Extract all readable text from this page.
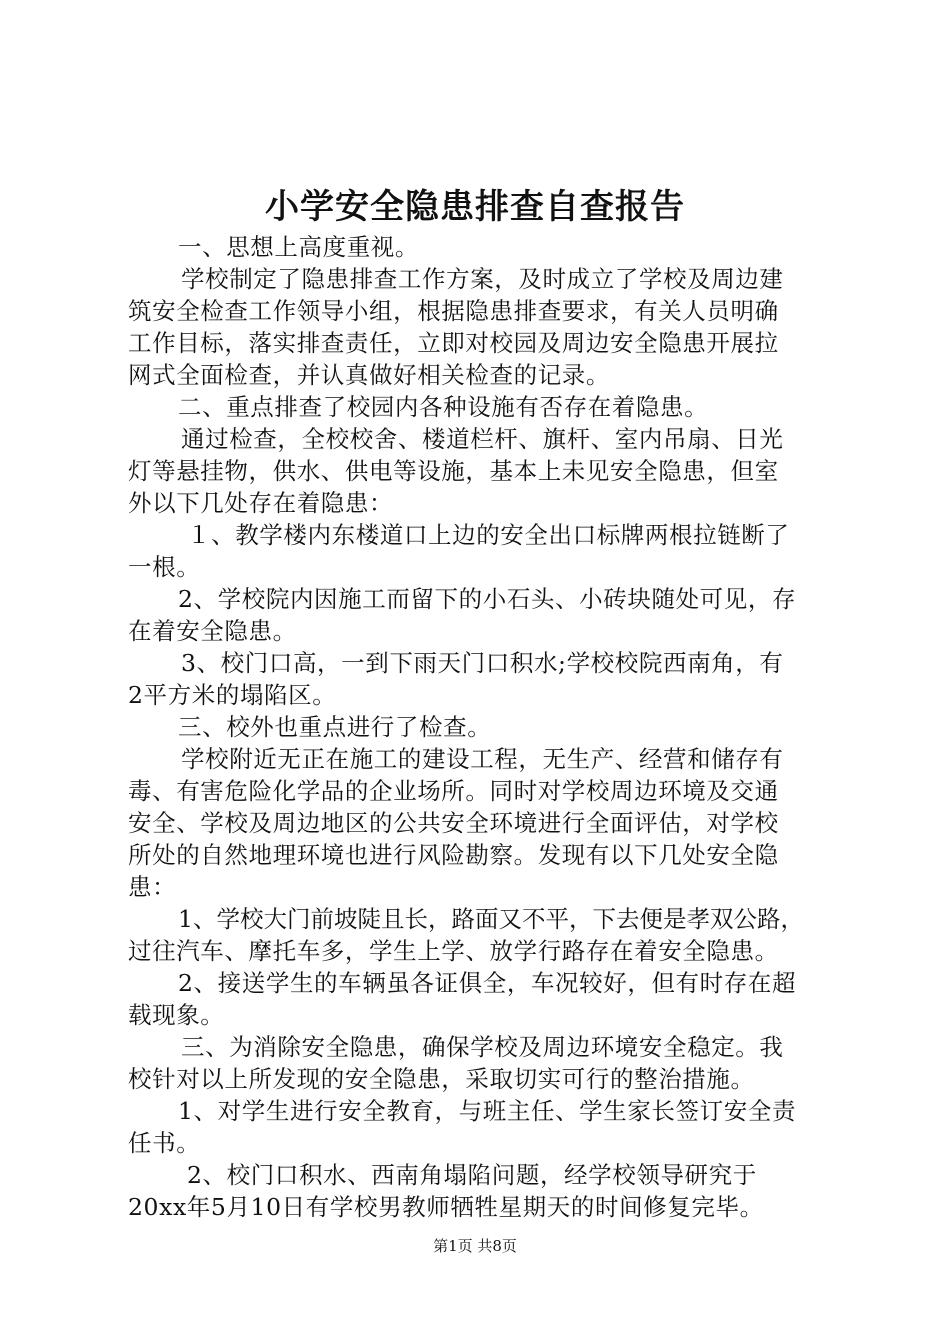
小学安全隐患排查自查报告
一、思想上高度重视。
学校制定了隐患排查工作方案，及时成立了学校及周边建
筑安全检查工作领导小组，根据隐患排查要求，有关人员明确
工作目标，落实排查责任，立即对校园及周边安全隐患开展拉
网式全面检查，并认真做好相关检查的记录。
二、重点排查了校园内各种设施有否存在着隐患。
通过检查，全校校舍、楼道栏杆、旗杆、室内吊扇、日光
灯等悬挂物，供水、供电等设施，基本上未见安全隐患，但室
外以下几处存在着隐患：
１、教学楼内东楼道口上边的安全出口标牌两根拉链断了
一根。
2、学校院内因施工而留下的小石头、小砖块随处可见，存
在着安全隐患。
3、校门口高，一到下雨天门口积水;学校校院西南角，有
2平方米的塌陷区。
三、校外也重点进行了检查。
学校附近无正在施工的建设工程，无生产、经营和储存有
毒、有害危险化学品的企业场所。同时对学校周边环境及交通
安全、学校及周边地区的公共安全环境进行全面评估，对学校
所处的自然地理环境也进行风险勘察。发现有以下几处安全隐
患：
1、学校大门前坡陡且长，路面又不平，下去便是孝双公路，
过往汽车、摩托车多，学生上学、放学行路存在着安全隐患。
2、接送学生的车辆虽各证俱全，车况较好，但有时存在超
载现象。
三、为消除安全隐患，确保学校及周边环境安全稳定。我
校针对以上所发现的安全隐患，采取切实可行的整治措施。
1、对学生进行安全教育，与班主任、学生家长签订安全责
任书。
2、校门口积水、西南角塌陷问题，经学校领导研究于
20xx年5月10日有学校男教师牺牲星期天的时间修复完毕。
第1页 共8页
